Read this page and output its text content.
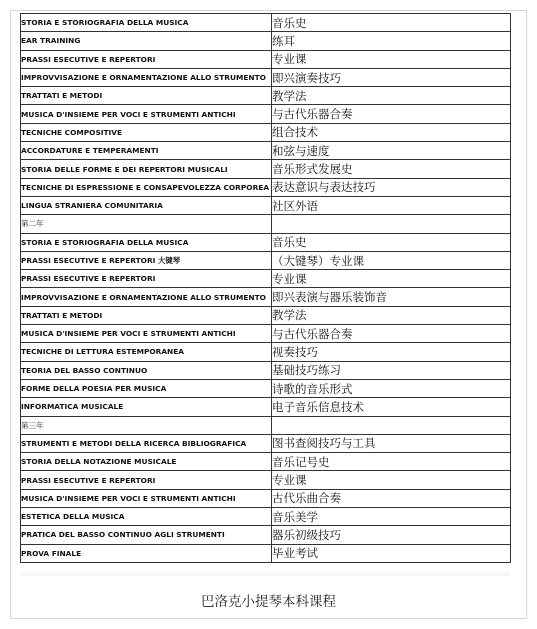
STORIA E STORIOGRAFIA DELLA MUSICA	音乐史
EAR TRAINING	练耳
PRASSI ESECUTIVE E REPERTORI	专业课
IMPROVVISAZIONE E ORNAMENTAZIONE ALLO STRUMENTO	即兴演奏技巧
TRATTATI E METODI	教学法
MUSICA D'INSIEME PER VOCI E STRUMENTI ANTICHI	与古代乐器合奏
TECNICHE COMPOSITIVE	组合技术
ACCORDATURE E TEMPERAMENTI	和弦与速度
STORIA DELLE FORME E DEI REPERTORI MUSICALI	音乐形式发展史
TECNICHE DI ESPRESSIONE E CONSAPEVOLEZZA CORPOREA	表达意识与表达技巧
LINGUA STRANIERA COMUNITARIA	社区外语
第二年	
STORIA E STORIOGRAFIA DELLA MUSICA	音乐史
PRASSI ESECUTIVE E REPERTORI 大键琴	（大键琴）专业课
PRASSI ESECUTIVE E REPERTORI	专业课
IMPROVVISAZIONE E ORNAMENTAZIONE ALLO STRUMENTO	即兴表演与器乐装饰音
TRATTATI E METODI	教学法
MUSICA D'INSIEME PER VOCI E STRUMENTI ANTICHI	与古代乐器合奏
TECNICHE DI LETTURA ESTEMPORANEA	视奏技巧
TEORIA DEL BASSO CONTINUO	基础技巧练习
FORME DELLA POESIA PER MUSICA	诗歌的音乐形式
INFORMATICA MUSICALE	电子音乐信息技术
第三年	
STRUMENTI E METODI DELLA RICERCA BIBLIOGRAFICA	图书查阅技巧与工具
STORIA DELLA NOTAZIONE MUSICALE	音乐记号史
PRASSI ESECUTIVE E REPERTORI	专业课
MUSICA D'INSIEME PER VOCI E STRUMENTI ANTICHI	古代乐曲合奏
ESTETICA DELLA MUSICA	音乐美学
PRATICA DEL BASSO CONTINUO AGLI STRUMENTI	器乐初级技巧
PROVA FINALE	毕业考试
巴洛克小提琴本科课程
